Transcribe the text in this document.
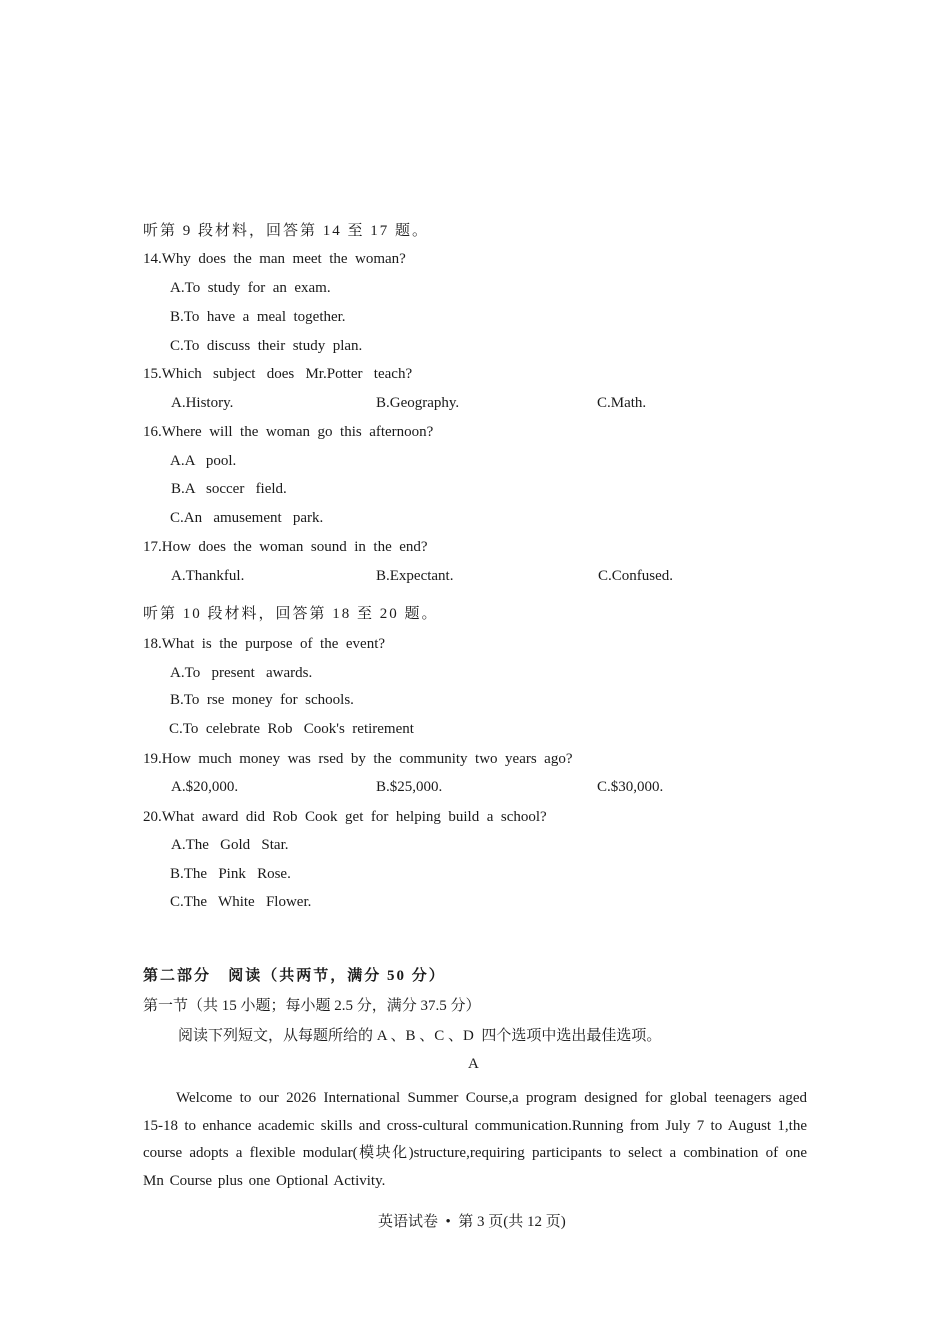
听第 9 段材料，回答第 14 至 17 题。
14.Why  does  the  man  meet  the  woman?
A.To  study  for  an  exam.
B.To  have  a  meal  together.
C.To  discuss  their  study  plan.
15.Which   subject   does   Mr.Potter   teach?
A.History.	B.Geography.	C.Math.
16.Where  will  the  woman  go  this  afternoon?
A.A   pool.
B.A   soccer   field.
C.An   amusement   park.
17.How  does  the  woman  sound  in  the  end?
A.Thankful.	B.Expectant.	C.Confused.
听第 10 段材料，回答第 18 至 20 题。
18.What  is  the  purpose  of  the  event?
A.To   present   awards.
B.To  rse  money  for  schools.
C.To  celebrate  Rob   Cook's  retirement
19.How  much  money  was  rsed  by  the  community  two  years  ago?
A.$20,000.	B.$25,000.	C.$30,000.
20.What  award  did  Rob  Cook  get  for  helping  build  a  school?
A.The   Gold   Star.
B.The   Pink   Rose.
C.The   White   Flower.
第二部分   阅读（共两节，满分 50 分）
第一节（共 15 小题；每小题 2.5 分，满分 37.5 分）
阅读下列短文，从每题所给的 A 、B 、C 、D  四个选项中选出最佳选项。
A
Welcome to our 2026 International Summer Course,a program designed for global teenagers aged 15-18 to enhance academic skills and cross-cultural communication.Running from July 7 to August 1,the course adopts a flexible modular(模块化)structure,requiring participants to select a combination of one Mn Course plus one Optional Activity.
英语试卷  •  第 3 页(共 12 页)
